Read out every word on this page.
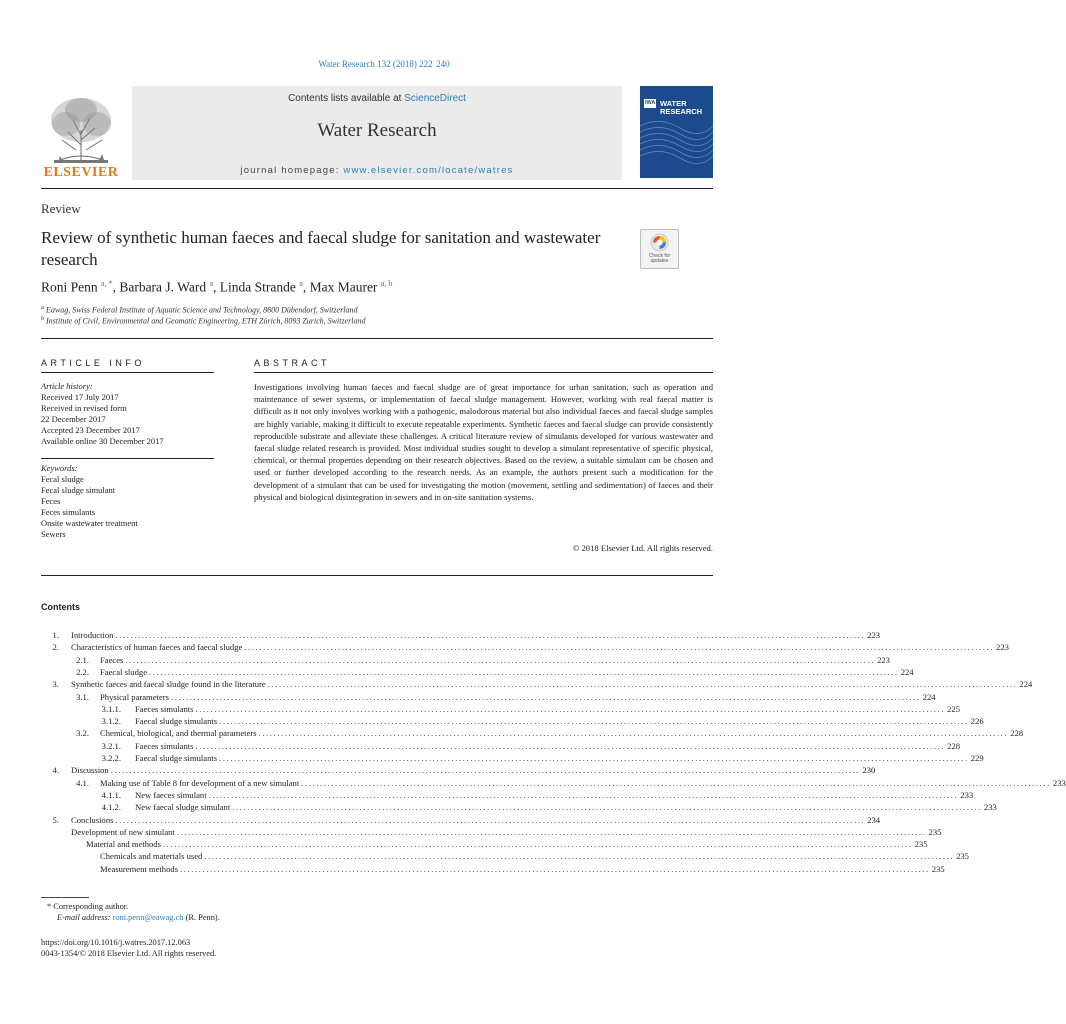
Water Research 132 (2018) 222  240
ELSEVIER
Contents lists available at ScienceDirect
Water Research
journal homepage: www.elsevier.com/locate/watres
IWA WATER
RESEARCH
Review
Review of synthetic human faeces and faecal sludge for sanitation and wastewater research	Check for
updates
Roni Penn $^{a, *}$, Barbara J. Ward $^a$, Linda Strande $^a$, Max Maurer $^{a, b}$
$^a$ Eawag, Swiss Federal Institute of Aquatic Science and Technology, 8600 Dübendorf, Switzerland
$^b$ Institute of Civil, Environmental and Geomatic Engineering, ETH Zürich, 8093 Zurich, Switzerland
ARTICLE INFO
Article history:
Received 17 July 2017
Received in revised form
22 December 2017
Accepted 23 December 2017
Available online 30 December 2017
Keywords:
Fecal sludge
Fecal sludge simulant
Feces
Feces simulants
Onsite wastewater treatment
Sewers
ABSTRACT
Investigations involving human faeces and faecal sludge are of great importance for urban sanitation, such as operation and maintenance of sewer systems, or implementation of faecal sludge management. However, working with real faecal matter is difficult as it not only involves working with a pathogenic, malodorous material but also individual faeces and faecal sludge samples are highly variable, making it difficult to execute repeatable experiments. Synthetic faeces and faecal sludge can provide consistently reproducible substrate and alleviate these challenges. A critical literature review of simulants developed for various wastewater and faecal sludge related research is provided. Most individual studies sought to develop a simulant representative of specific physical, chemical, or thermal properties depending on their research objectives. Based on the review, a suitable simulant can be chosen and used or further developed according to the research needs. As an example, the authors present such a modification for the development of a simulant that can be used for investigating the motion (movement, settling and sedimentation) of faeces and their physical and biological disintegration in sewers and in on-site sanitation systems.
© 2018 Elsevier Ltd. All rights reserved.
Contents
1.	Introduction ........................................................................................................................................................................................................ 223
2.	Characteristics of human faeces and faecal sludge ........................................................................................................................................................................................................ 223
2.1.	Faeces ........................................................................................................................................................................................................ 223
2.2.	Faecal sludge ........................................................................................................................................................................................................ 224
3.	Synthetic faeces and faecal sludge found in the literature ........................................................................................................................................................................................................ 224
3.1.	Physical parameters ........................................................................................................................................................................................................ 224
3.1.1.	Faeces simulants ........................................................................................................................................................................................................ 225
3.1.2.	Faecal sludge simulants ........................................................................................................................................................................................................ 226
3.2.	Chemical, biological, and thermal parameters ........................................................................................................................................................................................................ 228
3.2.1.	Faeces simulants ........................................................................................................................................................................................................ 228
3.2.2.	Faecal sludge simulants ........................................................................................................................................................................................................ 229
4.	Discussion ........................................................................................................................................................................................................ 230
4.1.	Making use of Table 8 for development of a new simulant ........................................................................................................................................................................................................ 233
4.1.1.	New faeces simulant ........................................................................................................................................................................................................ 233
4.1.2.	New faecal sludge simulant ........................................................................................................................................................................................................ 233
5.	Conclusions ........................................................................................................................................................................................................ 234
Development of new simulant ........................................................................................................................................................................................................ 235
Material and methods ........................................................................................................................................................................................................ 235
Chemicals and materials used ........................................................................................................................................................................................................ 235
Measurement methods ........................................................................................................................................................................................................ 235
* Corresponding author.
E-mail address: roni.penn@eawag.ch (R. Penn).
https://doi.org/10.1016/j.watres.2017.12.063
0043-1354/© 2018 Elsevier Ltd. All rights reserved.
